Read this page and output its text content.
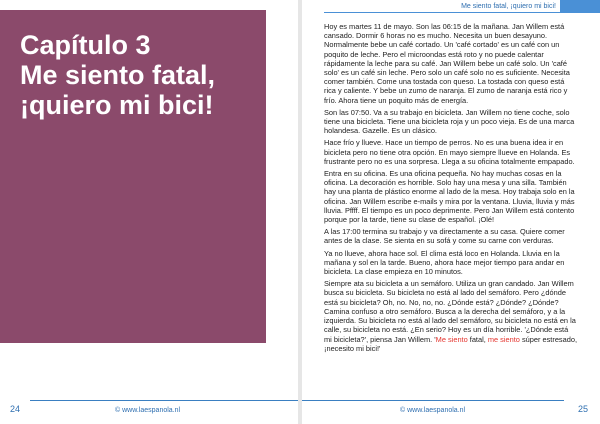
Capítulo 3
Me siento fatal,
¡quiero mi bici!
24	© www.laespanola.nl
Me siento fatal, ¡quiero mi bici!

Hoy es martes 11 de mayo. Son las 06:15 de la mañana. Jan Willem está cansado. Dormir 6 horas no es mucho. Necesita un buen desayuno. Normalmente bebe un café cortado. Un 'café cortado' es un café con un poquito de leche. Pero el microondas está roto y no puede calentar rápidamente la leche para su café. Jan Willem bebe un café solo. Un 'café solo' es un café sin leche. Pero solo un café solo no es suficiente. Necesita comer también. Come una tostada con queso. La tostada con queso está rica y caliente. Y bebe un zumo de naranja. El zumo de naranja está rico y frío. Ahora tiene un poquito más de energía.

Son las 07:50. Va a su trabajo en bicicleta. Jan Willem no tiene coche, solo tiene una bicicleta. Tiene una bicicleta roja y un poco vieja. Es de una marca holandesa. Gazelle. Es un clásico.

Hace frío y llueve. Hace un tiempo de perros. No es una buena idea ir en bicicleta pero no tiene otra opción. En mayo siempre llueve en Holanda. Es frustrante pero no es una sorpresa. Llega a su oficina totalmente empapado.

Entra en su oficina. Es una oficina pequeña. No hay muchas cosas en la oficina. La decoración es horrible. Solo hay una mesa y una silla. También hay una planta de plástico enorme al lado de la mesa. Hoy trabaja solo en la oficina. Jan Willem escribe e-mails y mira por la ventana. Lluvia, lluvia y más lluvia. Pffff. El tiempo es un poco deprimente. Pero Jan Willem está contento porque por la tarde, tiene su clase de español. ¡Olé!

A las 17:00 termina su trabajo y va directamente a su casa. Quiere comer antes de la clase. Se sienta en su sofá y come su carne con verduras.

Ya no llueve, ahora hace sol. El clima está loco en Holanda. Lluvia en la mañana y sol en la tarde. Bueno, ahora hace mejor tiempo para andar en bicicleta. La clase empieza en 10 minutos.

Siempre ata su bicicleta a un semáforo. Utiliza un gran candado. Jan Willem busca su bicicleta. Su bicicleta no está al lado del semáforo. Pero ¿dónde está su bicicleta? Oh, no. No, no, no. ¿Dónde está? ¿Dónde? ¿Dónde? Camina confuso a otro semáforo. Busca a la derecha del semáforo, y a la izquierda. Su bicicleta no está al lado del semáforo, su bicicleta no está en la calle, su bicicleta no está. ¿En serio? Hoy es un día horrible. '¿Dónde está mi bicicleta?', piensa Jan Willem. 'Me siento fatal, me siento súper estresado, ¡necesito mi bici!'

© www.laespanola.nl	25
